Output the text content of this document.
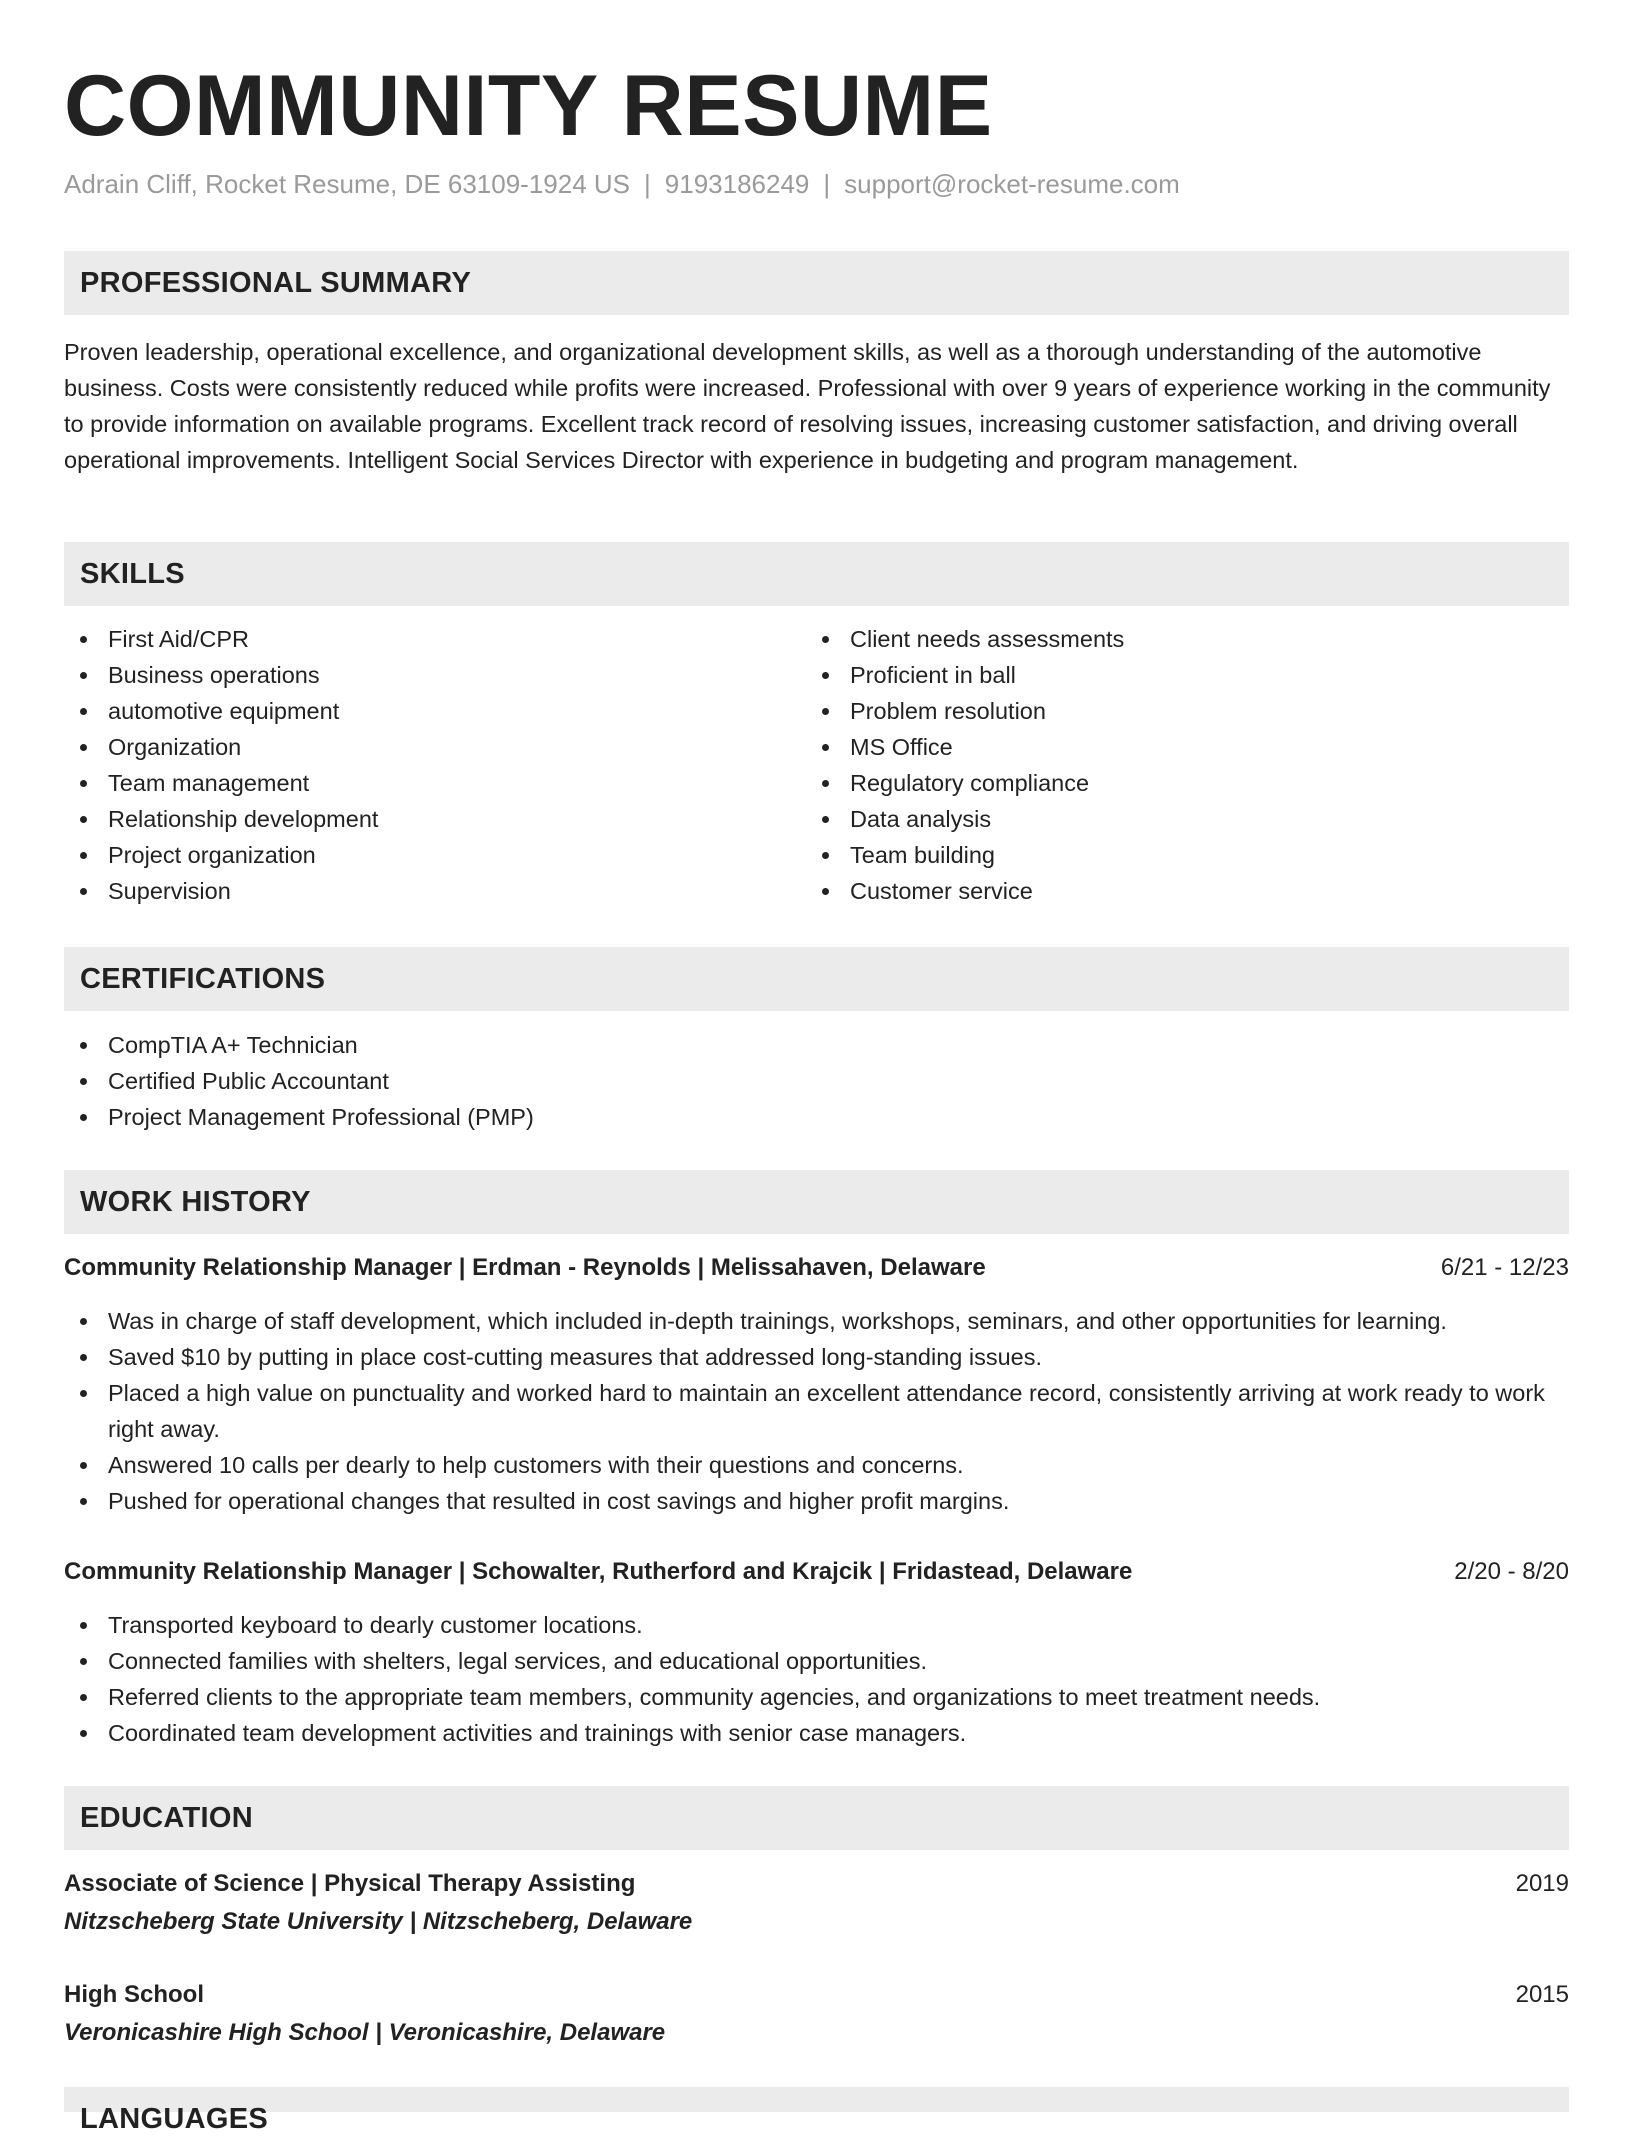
COMMUNITY RESUME
Adrain Cliff, Rocket Resume, DE 63109-1924 US | 9193186249 | support@rocket-resume.com
PROFESSIONAL SUMMARY

Proven leadership, operational excellence, and organizational development skills, as well as a thorough understanding of the automotive business. Costs were consistently reduced while profits were increased. Professional with over 9 years of experience working in the community to provide information on available programs. Excellent track record of resolving issues, increasing customer satisfaction, and driving overall operational improvements. Intelligent Social Services Director with experience in budgeting and program management.

SKILLS
First Aid/CPR
Business operations
automotive equipment
Organization
Team management
Relationship development
Project organization
Supervision
Client needs assessments
Proficient in ball
Problem resolution
MS Office
Regulatory compliance
Data analysis
Team building
Customer service
CERTIFICATIONS
CompTIA A+ Technician
Certified Public Accountant
Project Management Professional (PMP)
WORK HISTORY
Community Relationship Manager | Erdman - Reynolds | Melissahaven, Delaware	6/21 - 12/23
Was in charge of staff development, which included in-depth trainings, workshops, seminars, and other opportunities for learning.
Saved $10 by putting in place cost-cutting measures that addressed long-standing issues.
Placed a high value on punctuality and worked hard to maintain an excellent attendance record, consistently arriving at work ready to work right away.
Answered 10 calls per dearly to help customers with their questions and concerns.
Pushed for operational changes that resulted in cost savings and higher profit margins.
Community Relationship Manager | Schowalter, Rutherford and Krajcik | Fridastead, Delaware	2/20 - 8/20
Transported keyboard to dearly customer locations.
Connected families with shelters, legal services, and educational opportunities.
Referred clients to the appropriate team members, community agencies, and organizations to meet treatment needs.
Coordinated team development activities and trainings with senior case managers.
EDUCATION
Associate of Science | Physical Therapy Assisting	2019
Nitzscheberg State University | Nitzscheberg, Delaware
High School	2015
Veronicashire High School | Veronicashire, Delaware
LANGUAGES
